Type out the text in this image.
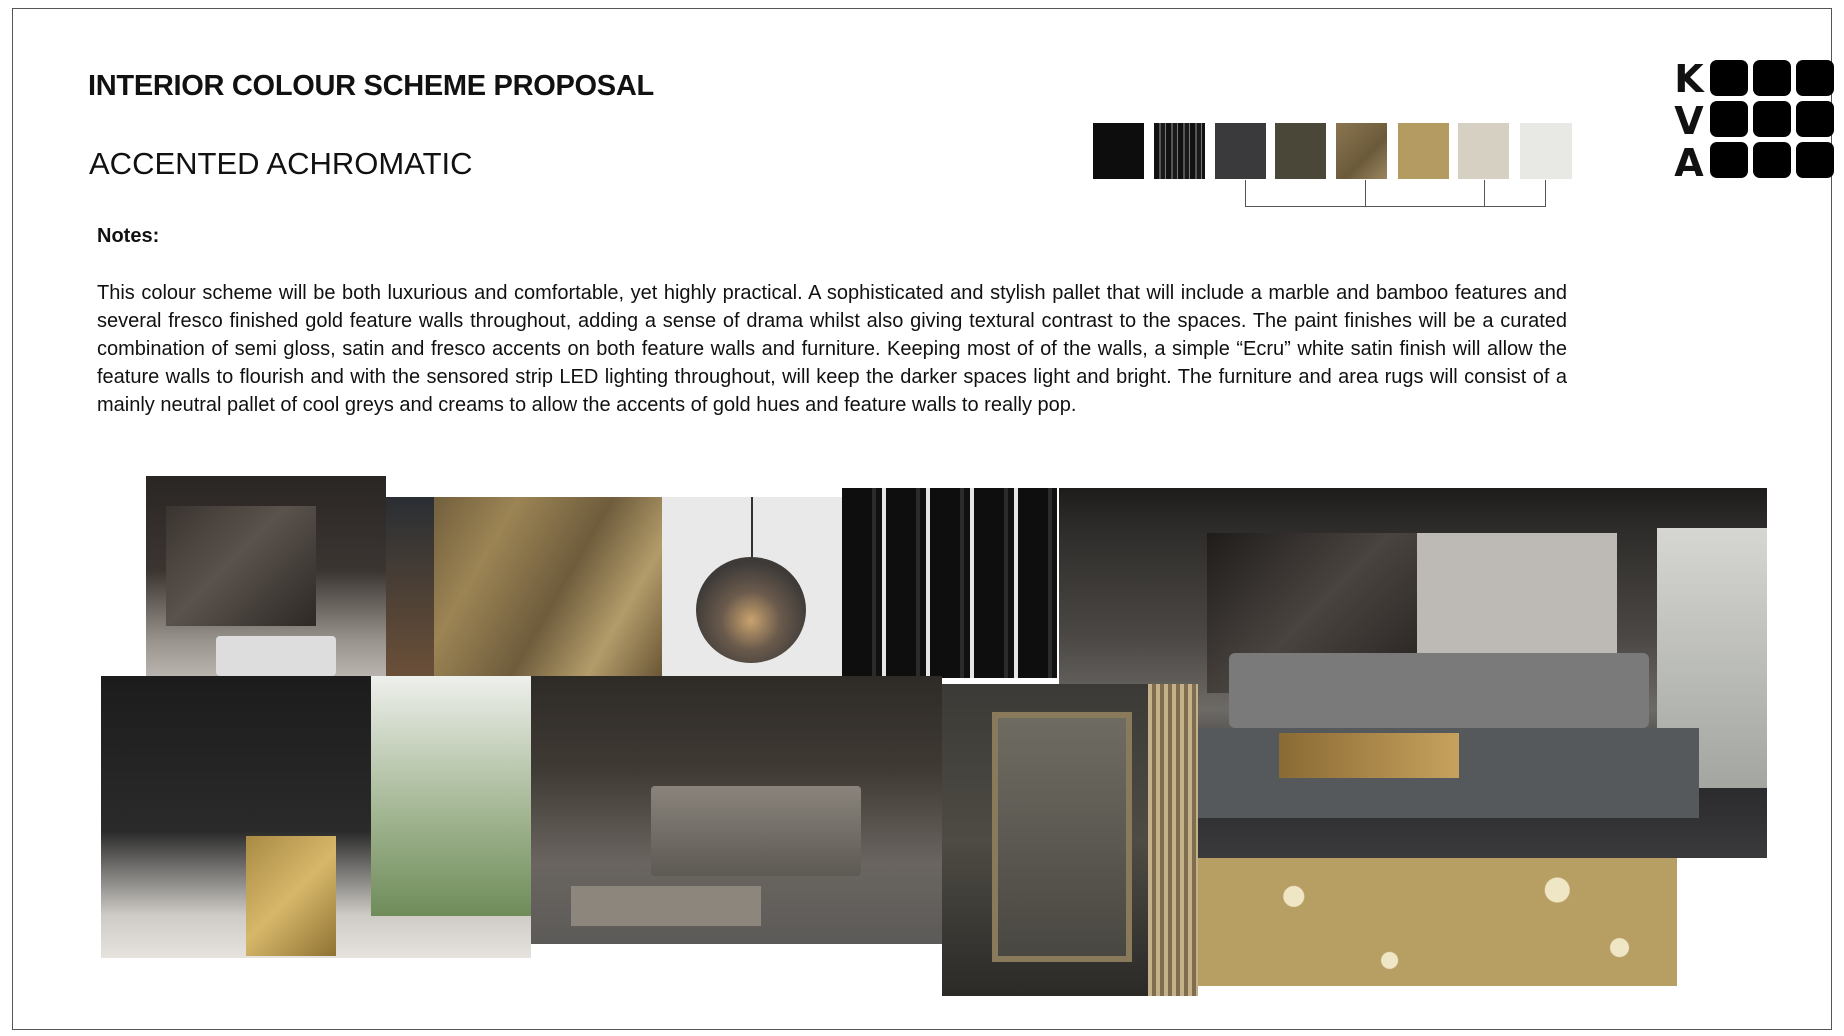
INTERIOR COLOUR SCHEME PROPOSAL
ACCENTED ACHROMATIC
K
V
A
Notes:
This colour scheme will be both luxurious and comfortable, yet highly practical. A sophisticated and stylish pallet that will include a marble and bamboo features and several fresco finished gold feature walls throughout, adding a sense of drama whilst also giving textural contrast to the spaces. The paint finishes will be a curated combination of semi gloss, satin and fresco accents on both feature walls and furniture. Keeping most of of the walls, a simple “Ecru” white satin finish will allow the feature walls to flourish and with the sensored strip LED lighting throughout, will keep the darker spaces light and bright. The furniture and area rugs will consist of a mainly neutral pallet of cool greys and creams to allow the accents of gold hues and feature walls to really pop.
